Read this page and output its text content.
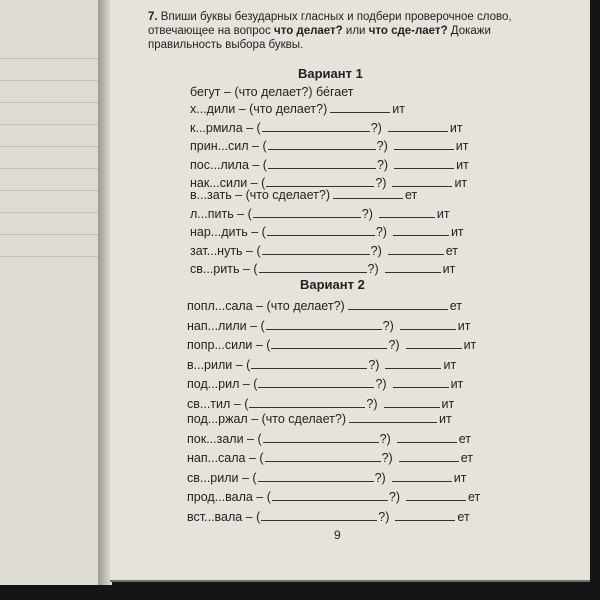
7. Впиши буквы безударных гласных и подбери проверочное слово, отвечающее на вопрос что делает? или что сде-лает? Докажи правильность выбора буквы.
Вариант 1
бегут – (что делает?) бе́гает
х...дили – (что делает?)	ит
к...рмила – (	?)	ит
прин...сил – (	?)	ит
пос...лила – (	?)	ит
нак...сили – (	?)	ит
в...зать – (что сделает?)	ет
л...пить – (	?)	ит
нар...дить – (	?)	ит
зат...нуть – (	?)	ет
св...рить – (	?)	ит
Вариант 2
попл...сала – (что делает?)	ет
нап...лили – (	?)	ит
попр...сили – (	?)	ит
в...рили – (	?)	ит
под...рил – (	?)	ит
св...тил – (	?)	ит
под...ржал – (что сделает?)	ит
пок...зали – (	?)	ет
нап...сала – (	?)	ет
св...рили – (	?)	ит
прод...вала – (	?)	ет
вст...вала – (	?)	ет
9
